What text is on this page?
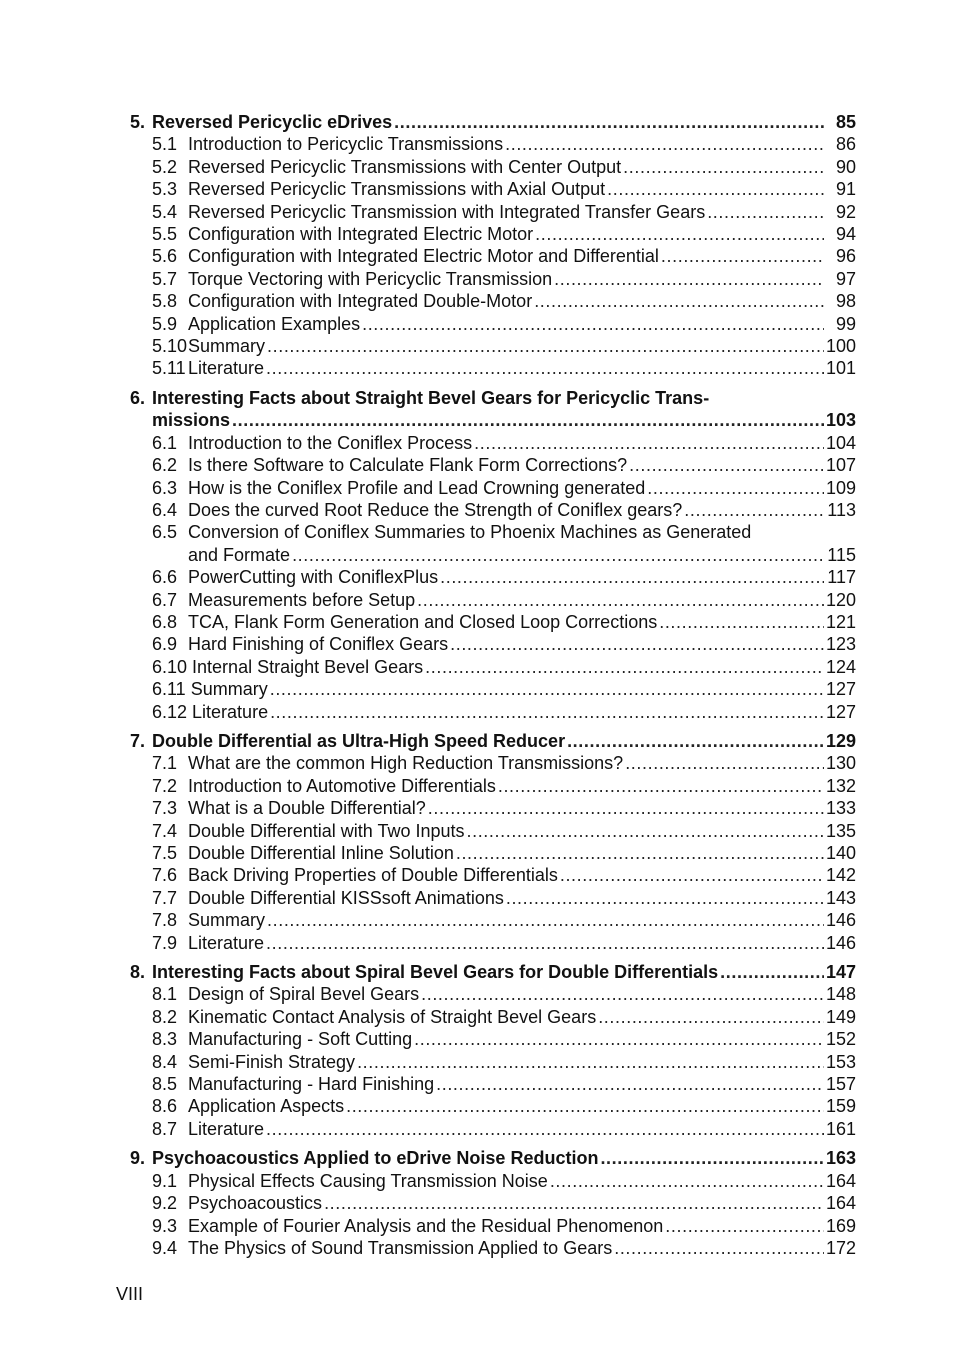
5. Reversed Pericyclic eDrives . . .	85
5.1 Introduction to Pericyclic Transmissions . . .	86
5.2 Reversed Pericyclic Transmissions with Center Output . . .	90
5.3 Reversed Pericyclic Transmissions with Axial Output . . .	91
5.4 Reversed Pericyclic Transmission with Integrated Transfer Gears . . .	92
5.5 Configuration with Integrated Electric Motor . . .	94
5.6 Configuration with Integrated Electric Motor and Differential . . .	96
5.7 Torque Vectoring with Pericyclic Transmission . . .	97
5.8 Configuration with Integrated Double-Motor . . .	98
5.9 Application Examples . . .	99
5.10 Summary . . .	100
5.11 Literature . . .	101
6. Interesting Facts about Straight Bevel Gears for Pericyclic Trans-
missions . . .	103
6.1 Introduction to the Coniflex Process . . .	104
6.2 Is there Software to Calculate Flank Form Corrections? . . .	107
6.3 How is the Coniflex Profile and Lead Crowning generated . . .	109
6.4 Does the curved Root Reduce the Strength of Coniflex gears? . . .	113
6.5 Conversion of Coniflex Summaries to Phoenix Machines as Generated
and Formate . . .	115
6.6 PowerCutting with ConiflexPlus . . .	117
6.7 Measurements before Setup . . .	120
6.8 TCA, Flank Form Generation and Closed Loop Corrections . . .	121
6.9 Hard Finishing of Coniflex Gears . . .	123
6.10 Internal Straight Bevel Gears . . .	124
6.11 Summary . . .	127
6.12 Literature . . .	127
7. Double Differential as Ultra-High Speed Reducer . . .	129
7.1 What are the common High Reduction Transmissions? . . .	130
7.2 Introduction to Automotive Differentials . . .	132
7.3 What is a Double Differential? . . .	133
7.4 Double Differential with Two Inputs . . .	135
7.5 Double Differential Inline Solution . . .	140
7.6 Back Driving Properties of Double Differentials . . .	142
7.7 Double Differential KISSsoft Animations . . .	143
7.8 Summary . . .	146
7.9 Literature . . .	146
8. Interesting Facts about Spiral Bevel Gears for Double Differentials . . .	147
8.1 Design of Spiral Bevel Gears . . .	148
8.2 Kinematic Contact Analysis of Straight Bevel Gears . . .	149
8.3 Manufacturing - Soft Cutting . . .	152
8.4 Semi-Finish Strategy . . .	153
8.5 Manufacturing - Hard Finishing . . .	157
8.6 Application Aspects . . .	159
8.7 Literature . . .	161
9. Psychoacoustics Applied to eDrive Noise Reduction . . .	163
9.1 Physical Effects Causing Transmission Noise . . .	164
9.2 Psychoacoustics . . .	164
9.3 Example of Fourier Analysis and the Residual Phenomenon . . .	169
9.4 The Physics of Sound Transmission Applied to Gears . . .	172
VIII
